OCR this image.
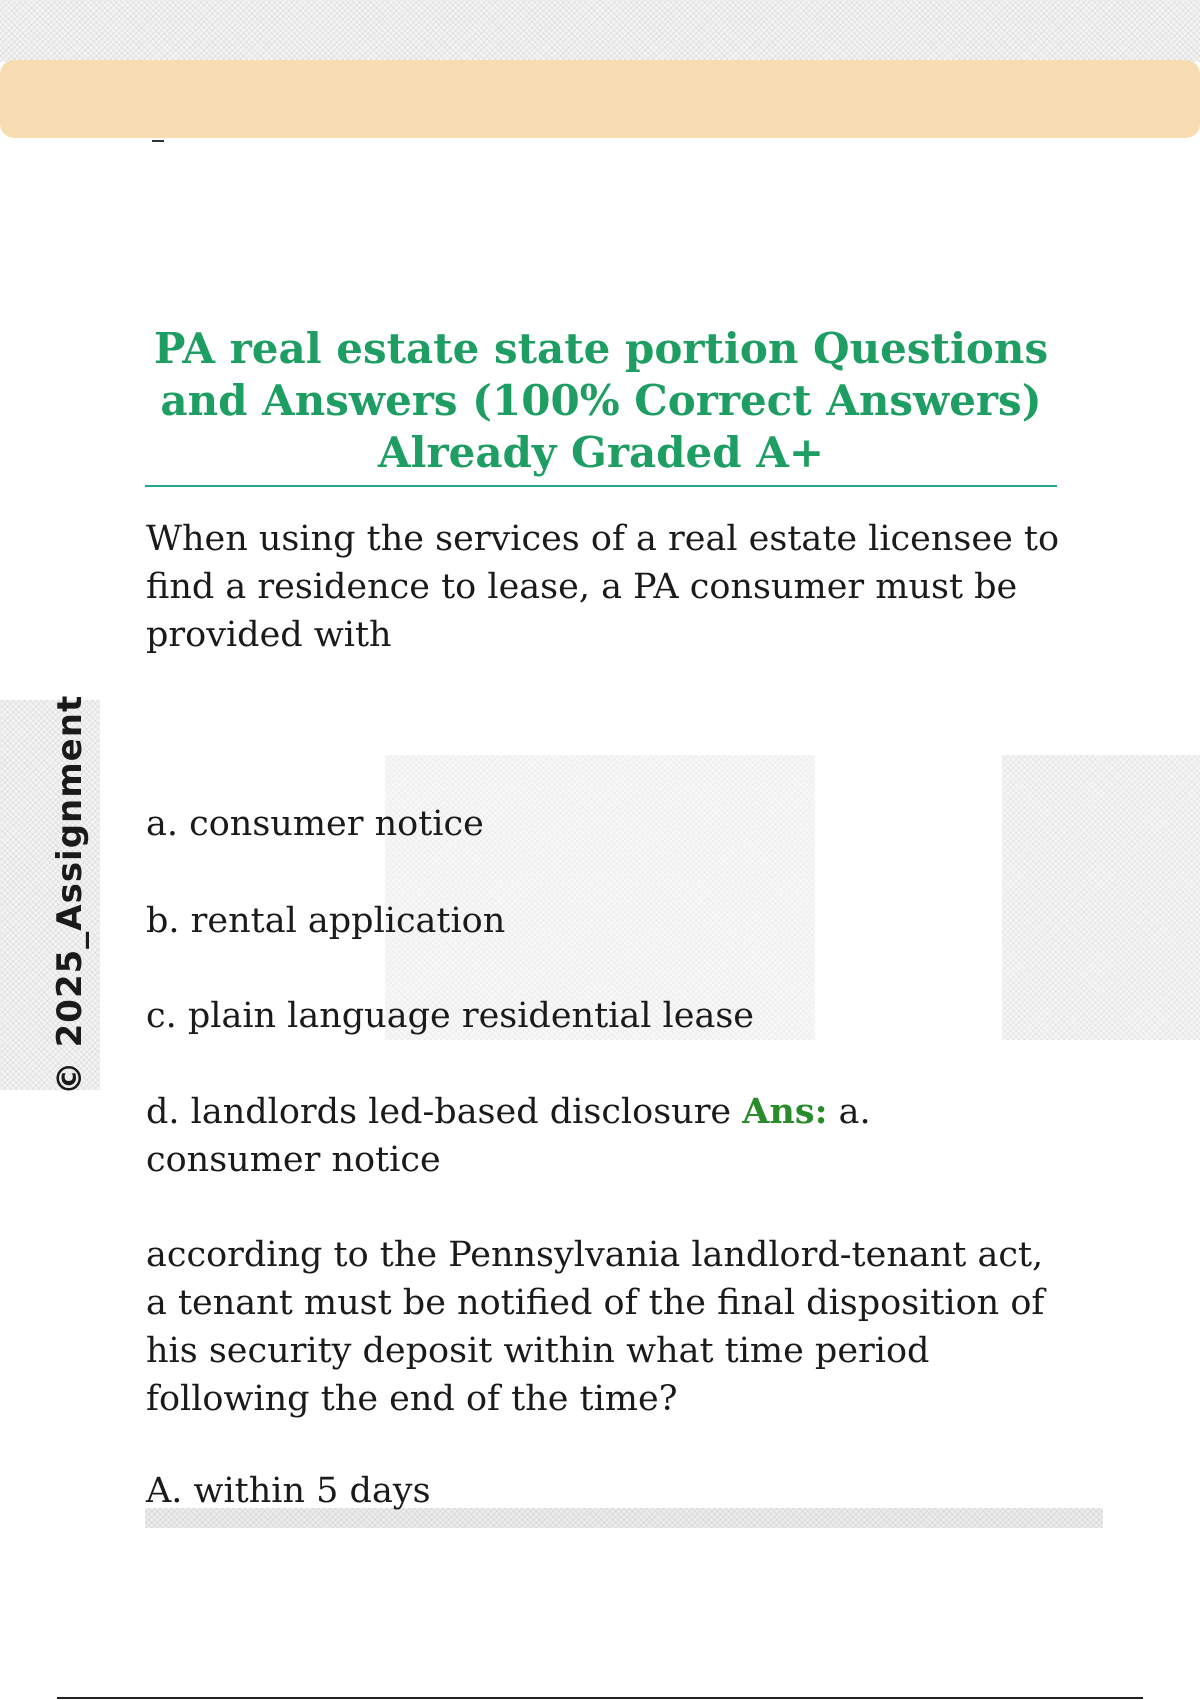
© 2025_Assignment
PA real estate state portion Questions and Answers (100% Correct Answers) Already Graded A+

When using the services of a real estate licensee to find a residence to lease, a PA consumer must be provided with

a. consumer notice

b. rental application

c. plain language residential lease

d. landlords led-based disclosure Ans: a. consumer notice

according to the Pennsylvania landlord-tenant act, a tenant must be notified of the final disposition of his security deposit within what time period following the end of the time?

A. within 5 days
